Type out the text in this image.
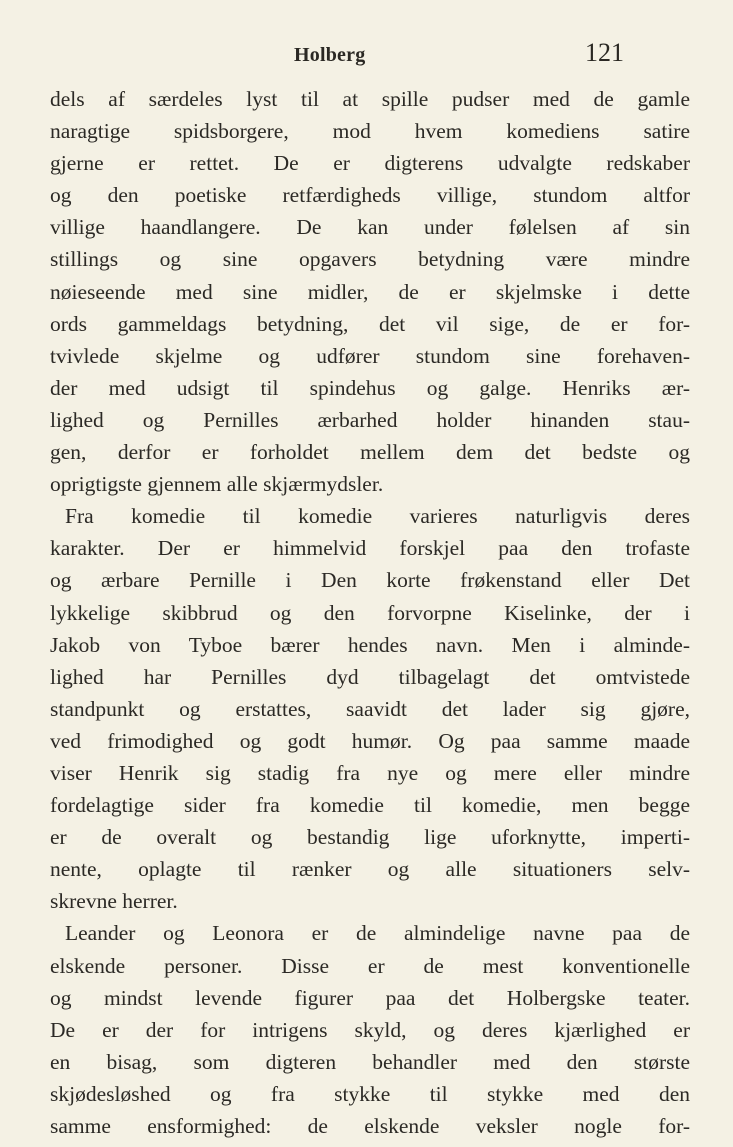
Holberg	121
dels af særdeles lyst til at spille pudser med de gamle
naragtige spidsborgere, mod hvem komediens satire
gjerne er rettet. De er digterens udvalgte redskaber
og den poetiske retfærdigheds villige, stundom altfor
villige haandlangere. De kan under følelsen af sin
stillings og sine opgavers betydning være mindre
nøieseende med sine midler, de er skjelmske i dette
ords gammeldags betydning, det vil sige, de er for-
tvivlede skjelme og udfører stundom sine forehaven-
der med udsigt til spindehus og galge. Henriks ær-
lighed og Pernilles ærbarhed holder hinanden stau-
gen, derfor er forholdet mellem dem det bedste og
oprigtigste gjennem alle skjærmydsler.
Fra komedie til komedie varieres naturligvis deres
karakter. Der er himmelvid forskjel paa den trofaste
og ærbare Pernille i Den korte frøkenstand eller Det
lykkelige skibbrud og den forvorpne Kiselinke, der i
Jakob von Tyboe bærer hendes navn. Men i alminde-
lighed har Pernilles dyd tilbagelagt det omtvistede
standpunkt og erstattes, saavidt det lader sig gjøre,
ved frimodighed og godt humør. Og paa samme maade
viser Henrik sig stadig fra nye og mere eller mindre
fordelagtige sider fra komedie til komedie, men begge
er de overalt og bestandig lige uforknytte, imperti-
nente, oplagte til rænker og alle situationers selv-
skrevne herrer.
Leander og Leonora er de almindelige navne paa de
elskende personer. Disse er de mest konventionelle
og mindst levende figurer paa det Holbergske teater.
De er der for intrigens skyld, og deres kjærlighed er
en bisag, som digteren behandler med den største
skjødesløshed og fra stykke til stykke med den
samme ensformighed: de elskende veksler nogle for-
